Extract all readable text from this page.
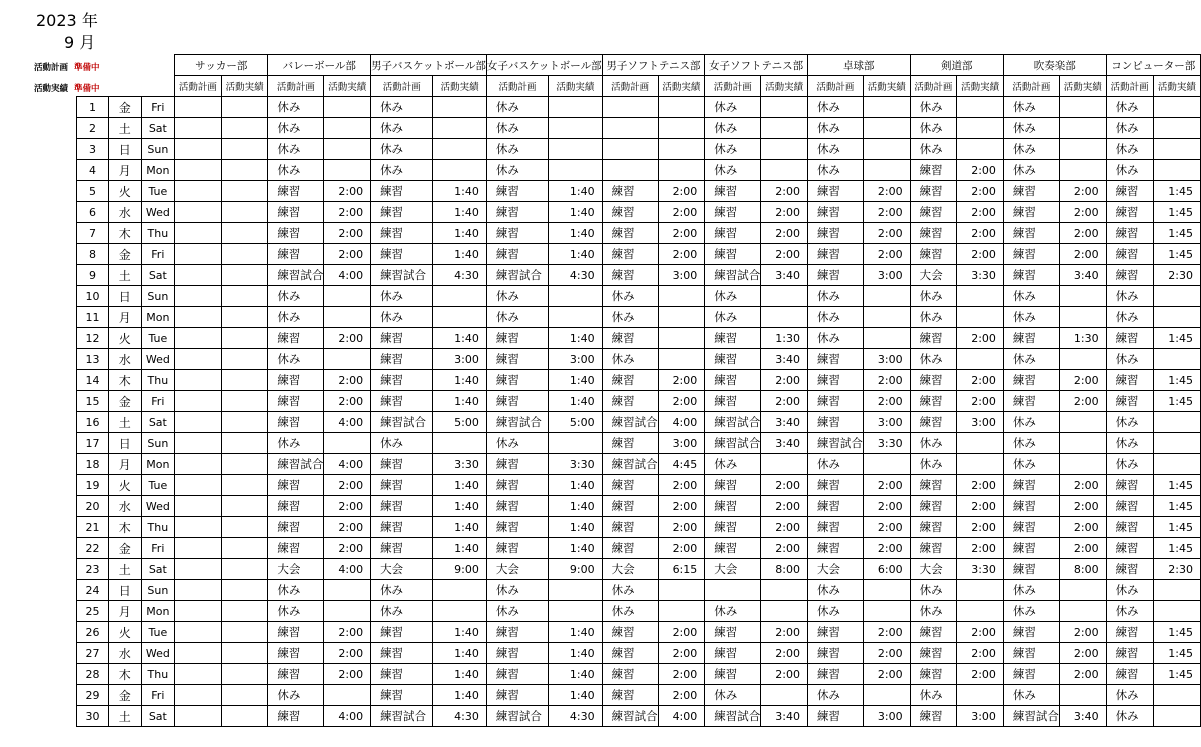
2023 年
9 月
活動計画 準備中
活動実績 準備中
			サッカー部		バレーボール部		男子バスケットボール部		女子バスケットボール部		男子ソフトテニス部		女子ソフトテニス部		卓球部		剣道部		吹奏楽部		コンピューター部	
			活動計画	活動実績	活動計画	活動実績	活動計画	活動実績	活動計画	活動実績	活動計画	活動実績	活動計画	活動実績	活動計画	活動実績	活動計画	活動実績	活動計画	活動実績	活動計画	活動実績
1	金	Fri			休み		休み		休み				休み		休み		休み		休み		休み	
2	土	Sat			休み		休み		休み				休み		休み		休み		休み		休み	
3	日	Sun			休み		休み		休み				休み		休み		休み		休み		休み	
4	月	Mon			休み		休み		休み				休み		休み		練習	2:00	休み		休み	
5	火	Tue			練習	2:00	練習	1:40	練習	1:40	練習	2:00	練習	2:00	練習	2:00	練習	2:00	練習	2:00	練習	1:45
6	水	Wed			練習	2:00	練習	1:40	練習	1:40	練習	2:00	練習	2:00	練習	2:00	練習	2:00	練習	2:00	練習	1:45
7	木	Thu			練習	2:00	練習	1:40	練習	1:40	練習	2:00	練習	2:00	練習	2:00	練習	2:00	練習	2:00	練習	1:45
8	金	Fri			練習	2:00	練習	1:40	練習	1:40	練習	2:00	練習	2:00	練習	2:00	練習	2:00	練習	2:00	練習	1:45
9	土	Sat			練習試合	4:00	練習試合	4:30	練習試合	4:30	練習	3:00	練習試合	3:40	練習	3:00	大会	3:30	練習	3:40	練習	2:30
10	日	Sun			休み		休み		休み		休み		休み		休み		休み		休み		休み	
11	月	Mon			休み		休み		休み		休み		休み		休み		休み		休み		休み	
12	火	Tue			練習	2:00	練習	1:40	練習	1:40	練習		練習	1:30	休み		練習	2:00	練習	1:30	練習	1:45
13	水	Wed			休み		練習	3:00	練習	3:00	休み		練習	3:40	練習	3:00	休み		休み		休み	
14	木	Thu			練習	2:00	練習	1:40	練習	1:40	練習	2:00	練習	2:00	練習	2:00	練習	2:00	練習	2:00	練習	1:45
15	金	Fri			練習	2:00	練習	1:40	練習	1:40	練習	2:00	練習	2:00	練習	2:00	練習	2:00	練習	2:00	練習	1:45
16	土	Sat			練習	4:00	練習試合	5:00	練習試合	5:00	練習試合	4:00	練習試合	3:40	練習	3:00	練習	3:00	休み		休み	
17	日	Sun			休み		休み		休み		練習	3:00	練習試合	3:40	練習試合	3:30	休み		休み		休み	
18	月	Mon			練習試合	4:00	練習	3:30	練習	3:30	練習試合	4:45	休み		休み		休み		休み		休み	
19	火	Tue			練習	2:00	練習	1:40	練習	1:40	練習	2:00	練習	2:00	練習	2:00	練習	2:00	練習	2:00	練習	1:45
20	水	Wed			練習	2:00	練習	1:40	練習	1:40	練習	2:00	練習	2:00	練習	2:00	練習	2:00	練習	2:00	練習	1:45
21	木	Thu			練習	2:00	練習	1:40	練習	1:40	練習	2:00	練習	2:00	練習	2:00	練習	2:00	練習	2:00	練習	1:45
22	金	Fri			練習	2:00	練習	1:40	練習	1:40	練習	2:00	練習	2:00	練習	2:00	練習	2:00	練習	2:00	練習	1:45
23	土	Sat			大会	4:00	大会	9:00	大会	9:00	大会	6:15	大会	8:00	大会	6:00	大会	3:30	練習	8:00	練習	2:30
24	日	Sun			休み		休み		休み		休み				休み		休み		休み		休み	
25	月	Mon			休み		休み		休み		休み		休み		休み		休み		休み		休み	
26	火	Tue			練習	2:00	練習	1:40	練習	1:40	練習	2:00	練習	2:00	練習	2:00	練習	2:00	練習	2:00	練習	1:45
27	水	Wed			練習	2:00	練習	1:40	練習	1:40	練習	2:00	練習	2:00	練習	2:00	練習	2:00	練習	2:00	練習	1:45
28	木	Thu			練習	2:00	練習	1:40	練習	1:40	練習	2:00	練習	2:00	練習	2:00	練習	2:00	練習	2:00	練習	1:45
29	金	Fri			休み		練習	1:40	練習	1:40	練習	2:00	休み		休み		休み		休み		休み	
30	土	Sat			練習	4:00	練習試合	4:30	練習試合	4:30	練習試合	4:00	練習試合	3:40	練習	3:00	練習	3:00	練習試合	3:40	休み	
